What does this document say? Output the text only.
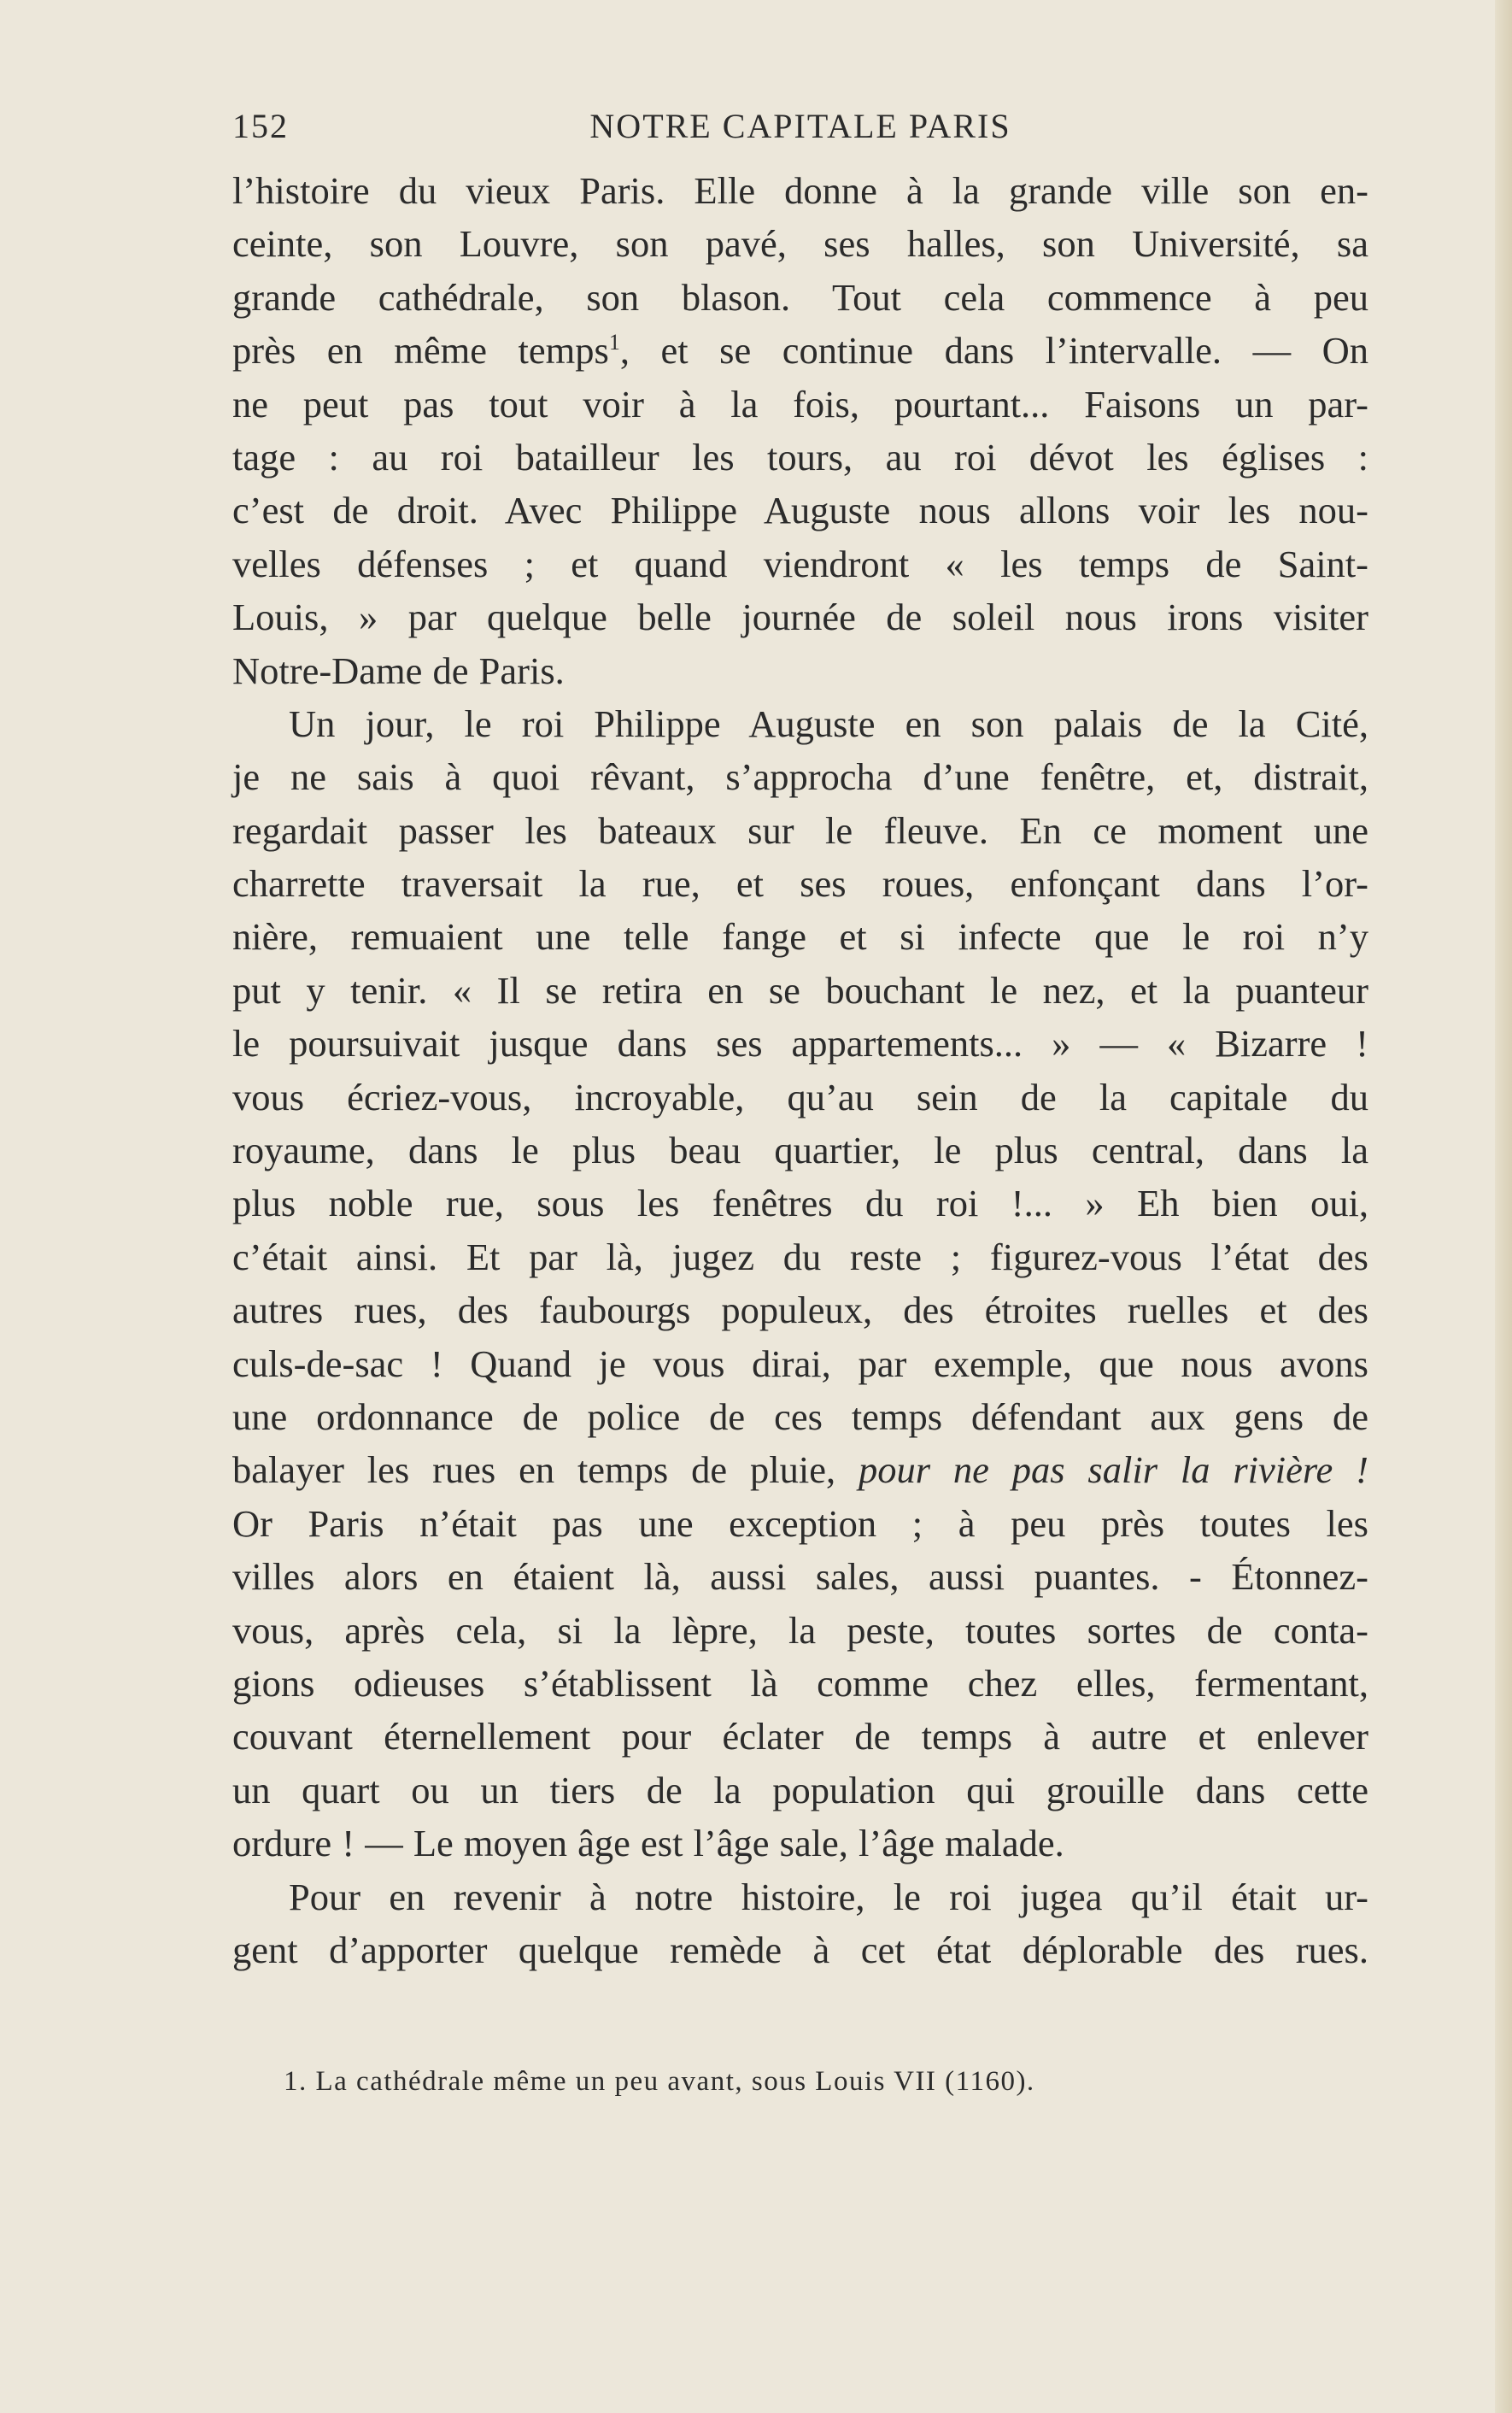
152	NOTRE CAPITALE PARIS
l’histoire du vieux Paris. Elle donne à la grande ville son en-
ceinte, son Louvre, son pavé, ses halles, son Université, sa
grande cathédrale, son blason. Tout cela commence à peu
près en même temps$^1$, et se continue dans l’intervalle. — On
ne peut pas tout voir à la fois, pourtant... Faisons un par-
tage : au roi batailleur les tours, au roi dévot les églises :
c’est de droit. Avec Philippe Auguste nous allons voir les nou-
velles défenses ; et quand viendront « les temps de Saint-
Louis, » par quelque belle journée de soleil nous irons visiter
Notre-Dame de Paris.
Un jour, le roi Philippe Auguste en son palais de la Cité,
je ne sais à quoi rêvant, s’approcha d’une fenêtre, et, distrait,
regardait passer les bateaux sur le fleuve. En ce moment une
charrette traversait la rue, et ses roues, enfonçant dans l’or-
nière, remuaient une telle fange et si infecte que le roi n’y
put y tenir. « Il se retira en se bouchant le nez, et la puanteur
le poursuivait jusque dans ses appartements... » — « Bizarre !
vous écriez-vous, incroyable, qu’au sein de la capitale du
royaume, dans le plus beau quartier, le plus central, dans la
plus noble rue, sous les fenêtres du roi !... » Eh bien oui,
c’était ainsi. Et par là, jugez du reste ; figurez-vous l’état des
autres rues, des faubourgs populeux, des étroites ruelles et des
culs-de-sac ! Quand je vous dirai, par exemple, que nous avons
une ordonnance de police de ces temps défendant aux gens de
balayer les rues en temps de pluie, pour ne pas salir la rivière !
Or Paris n’était pas une exception ; à peu près toutes les
villes alors en étaient là, aussi sales, aussi puantes. - Étonnez-
vous, après cela, si la lèpre, la peste, toutes sortes de conta-
gions odieuses s’établissent là comme chez elles, fermentant,
couvant éternellement pour éclater de temps à autre et enlever
un quart ou un tiers de la population qui grouille dans cette
ordure ! — Le moyen âge est l’âge sale, l’âge malade.
Pour en revenir à notre histoire, le roi jugea qu’il était ur-
gent d’apporter quelque remède à cet état déplorable des rues.
1. La cathédrale même un peu avant, sous Louis VII (1160).
